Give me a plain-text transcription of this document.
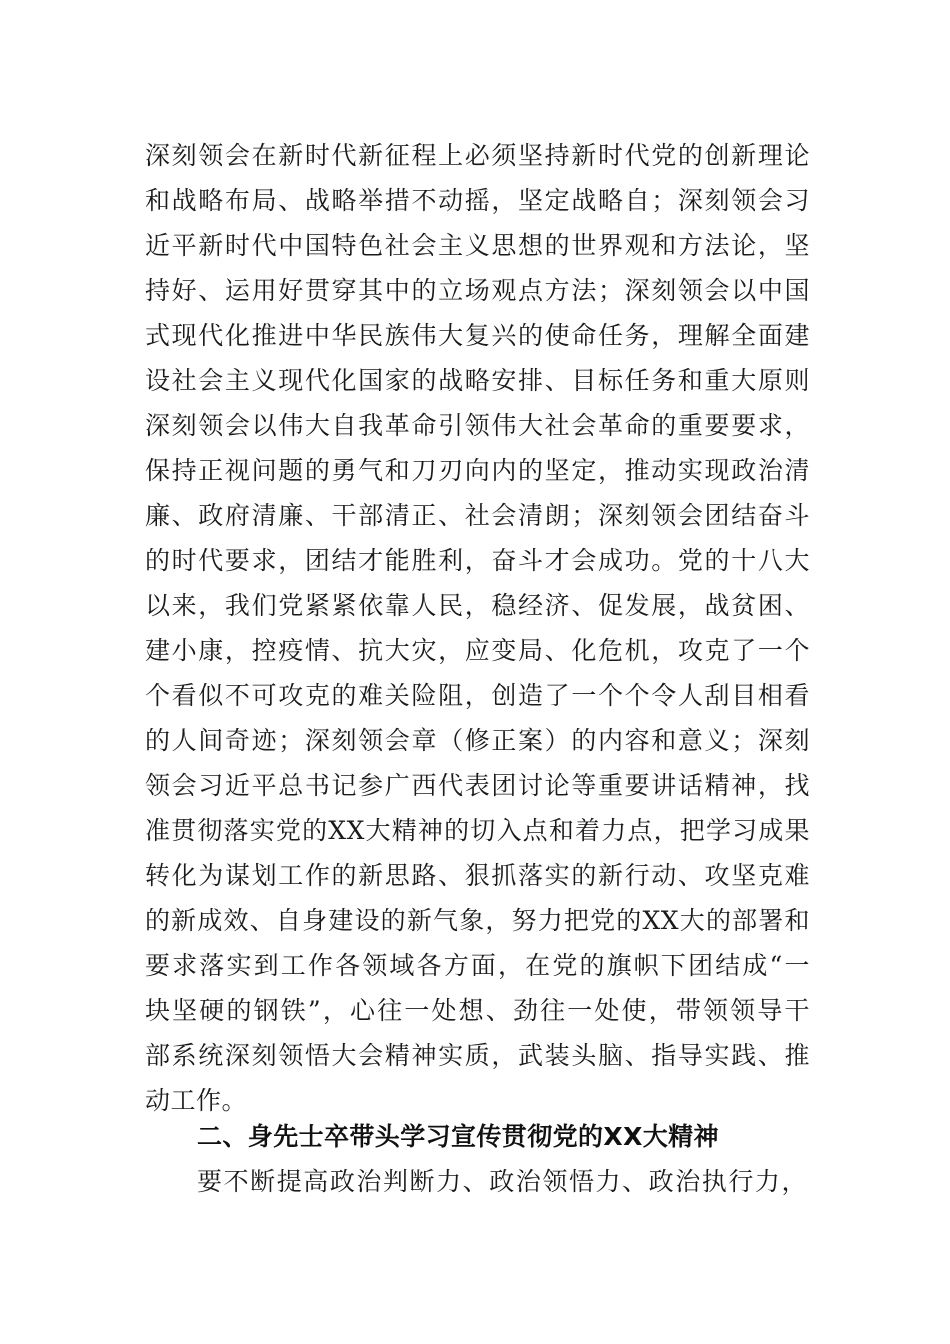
深刻领会在新时代新征程上必须坚持新时代党的创新理论
和战略布局、战略举措不动摇，坚定战略自；深刻领会习
近平新时代中国特色社会主义思想的世界观和方法论，坚
持好、运用好贯穿其中的立场观点方法；深刻领会以中国
式现代化推进中华民族伟大复兴的使命任务，理解全面建
设社会主义现代化国家的战略安排、目标任务和重大原则
深刻领会以伟大自我革命引领伟大社会革命的重要要求，
保持正视问题的勇气和刀刃向内的坚定，推动实现政治清
廉、政府清廉、干部清正、社会清朗；深刻领会团结奋斗
的时代要求，团结才能胜利，奋斗才会成功。党的十八大
以来，我们党紧紧依靠人民，稳经济、促发展，战贫困、
建小康，控疫情、抗大灾，应变局、化危机，攻克了一个
个看似不可攻克的难关险阻，创造了一个个令人刮目相看
的人间奇迹；深刻领会章（修正案）的内容和意义；深刻
领会习近平总书记参广西代表团讨论等重要讲话精神，找
准贯彻落实党的XX大精神的切入点和着力点，把学习成果
转化为谋划工作的新思路、狠抓落实的新行动、攻坚克难
的新成效、自身建设的新气象，努力把党的XX大的部署和
要求落实到工作各领域各方面，在党的旗帜下团结成“一
块坚硬的钢铁”，心往一处想、劲往一处使，带领领导干
部系统深刻领悟大会精神实质，武装头脑、指导实践、推
动工作。
二、身先士卒带头学习宣传贯彻党的XX大精神
要不断提高政治判断力、政治领悟力、政治执行力，
